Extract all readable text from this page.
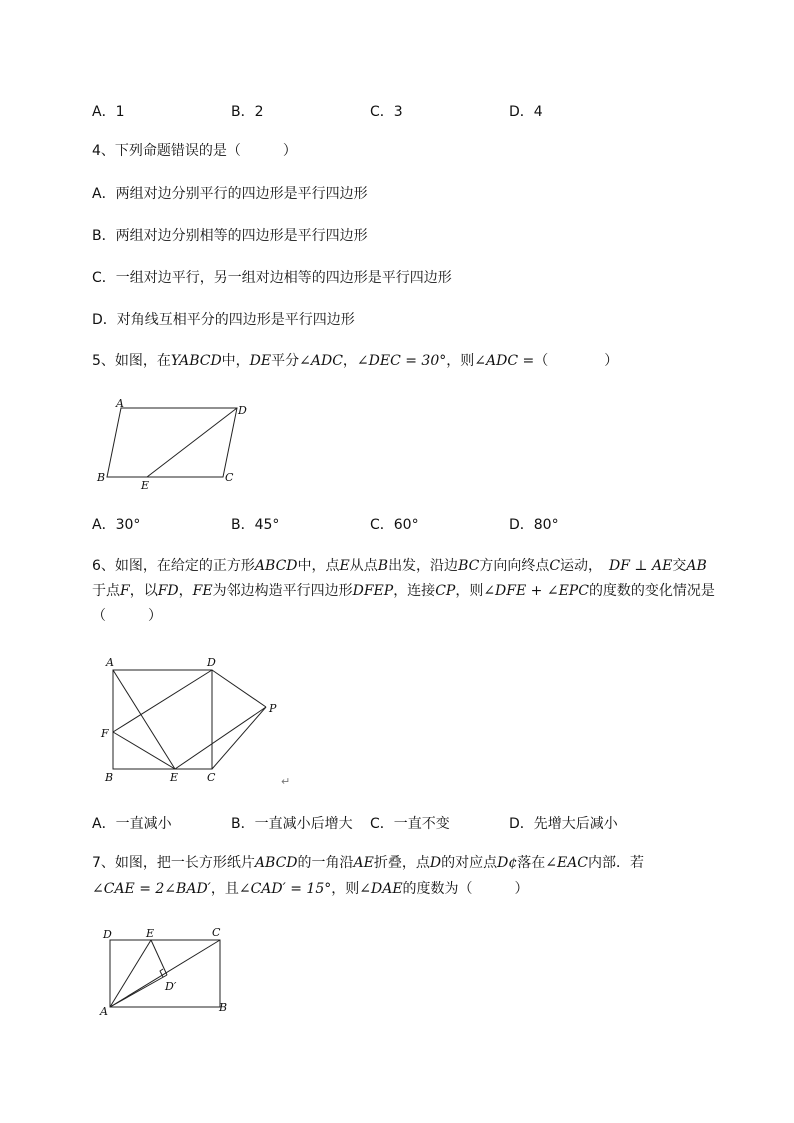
A．1	B．2	C．3	D．4
4、下列命题错误的是（　　　）
A．两组对边分别平行的四边形是平行四边形
B．两组对边分别相等的四边形是平行四边形
C．一组对边平行，另一组对边相等的四边形是平行四边形
D．对角线互相平分的四边形是平行四边形
5、如图，在YABCD中，DE平分∠ADC，∠DEC = 30°，则∠ADC =（　　　　）
A
D
B
E
C
A．30°	B．45°	C．60°	D．80°
6、如图，在给定的正方形ABCD中，点E从点B出发，沿边BC方向向终点C运动，　DF ⊥ AE交AB
于点F，以FD，FE为邻边构造平行四边形DFEP，连接CP，则∠DFE + ∠EPC的度数的变化情况是
（　　　）
A	D
P
F
B	E	C	↵
A．一直减小	B．一直减小后增大 C．一直不变	D．先增大后减小
7、如图，把一长方形纸片ABCD的一角沿AE折叠，点D的对应点D¢落在∠EAC内部．若
∠CAE = 2∠BAD′，且∠CAD′ = 15°，则∠DAE的度数为（　　　）
D	E	C
D′
A	B
